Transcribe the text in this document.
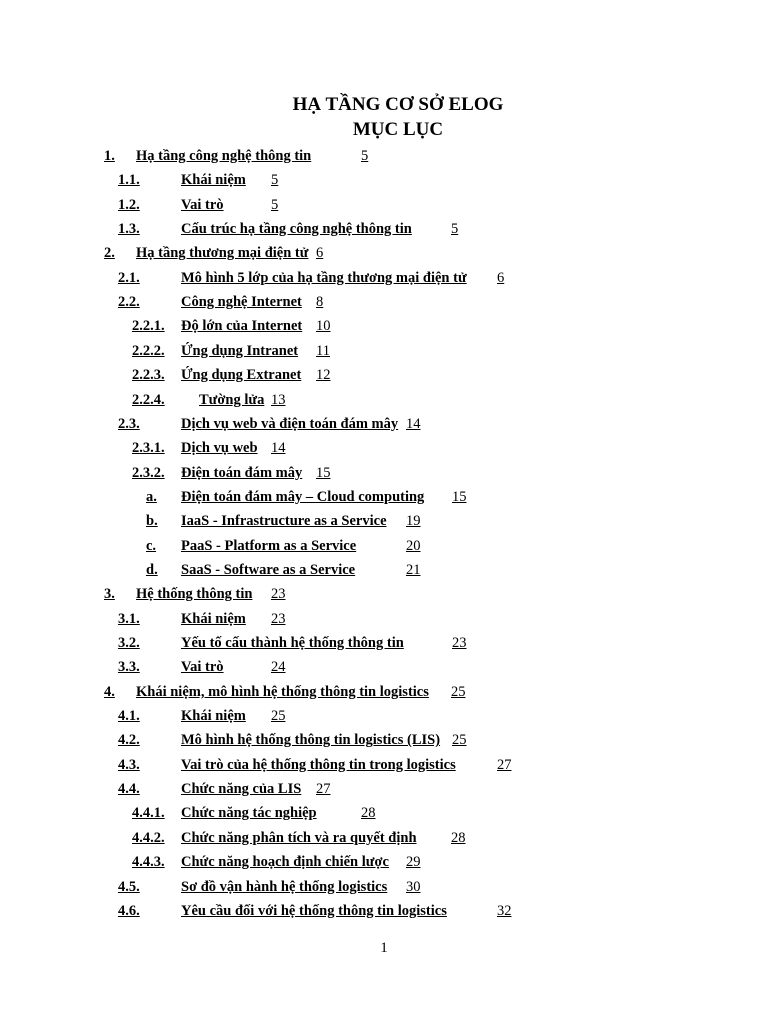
HẠ TẦNG CƠ SỞ ELOG
MỤC LỤC
1. Hạ tầng công nghệ thông tin	5
1.1.	Khái niệm 5
1.2.	Vai trò	5
1.3.	Cấu trúc hạ tầng công nghệ thông tin	5
2. Hạ tầng thương mại điện tử 6
2.1.	Mô hình 5 lớp của hạ tầng thương mại điện tử 6
2.2.	Công nghệ Internet 8
2.2.1. Độ lớn của Internet 10
2.2.2. Ứng dụng Intranet 11
2.2.3. Ứng dụng Extranet 12
2.2.4. Tường lửa 13
2.3.	Dịch vụ web và điện toán đám mây 14
2.3.1. Dịch vụ web 14
2.3.2. Điện toán đám mây 15
a. Điện toán đám mây – Cloud computing 15
b. IaaS - Infrastructure as a Service 19
c. PaaS - Platform as a Service	20
d. SaaS - Software as a Service	21
3. Hệ thống thông tin 23
3.1.	Khái niệm 23
3.2.	Yếu tố cấu thành hệ thống thông tin	23
3.3.	Vai trò	24
4. Khái niệm, mô hình hệ thống thông tin logistics 25
4.1.	Khái niệm 25
4.2.	Mô hình hệ thống thông tin logistics (LIS) 25
4.3.	Vai trò của hệ thống thông tin trong logistics	27
4.4.	Chức năng của LIS 27
4.4.1. Chức năng tác nghiệp	28
4.4.2. Chức năng phân tích và ra quyết định 28
4.4.3. Chức năng hoạch định chiến lược 29
4.5.	Sơ đồ vận hành hệ thống logistics 30
4.6.	Yêu cầu đối với hệ thống thông tin logistics	32
1
